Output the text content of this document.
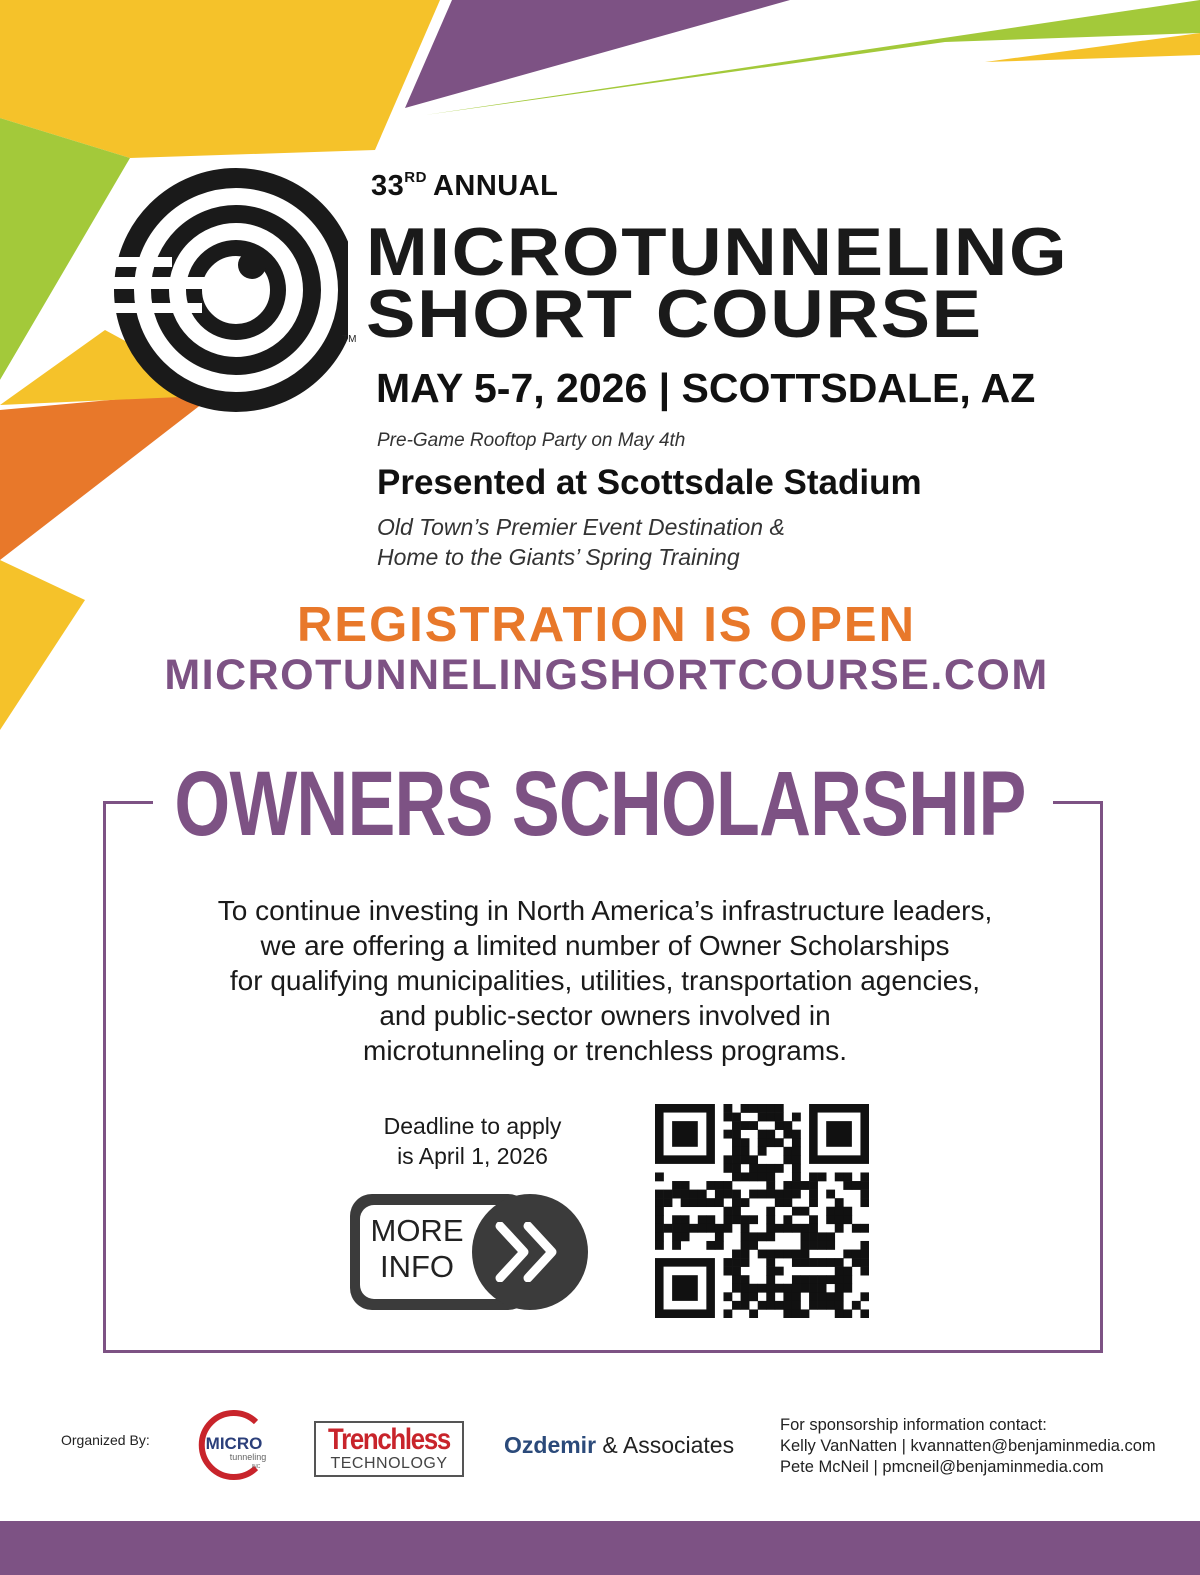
TM
33RD ANNUAL
MICROTUNNELING
SHORT COURSE
MAY 5-7, 2026 | SCOTTSDALE, AZ
Pre-Game Rooftop Party on May 4th
Presented at Scottsdale Stadium
Old Town’s Premier Event Destination &
Home to the Giants’ Spring Training
REGISTRATION IS OPEN
MICROTUNNELINGSHORTCOURSE.COM
OWNERS SCHOLARSHIP
To continue investing in North America’s infrastructure leaders,
we are offering a limited number of Owner Scholarships
for qualifying municipalities, utilities, transportation agencies,
and public-sector owners involved in
microtunneling or trenchless programs.
Deadline to apply
is April 1, 2026
MORE
INFO
Organized By:	MICRO
tunneling
INC
Trenchless
TECHNOLOGY
Ozdemir & Associates
For sponsorship information contact:
Kelly VanNatten | kvannatten@benjaminmedia.com
Pete McNeil | pmcneil@benjaminmedia.com
